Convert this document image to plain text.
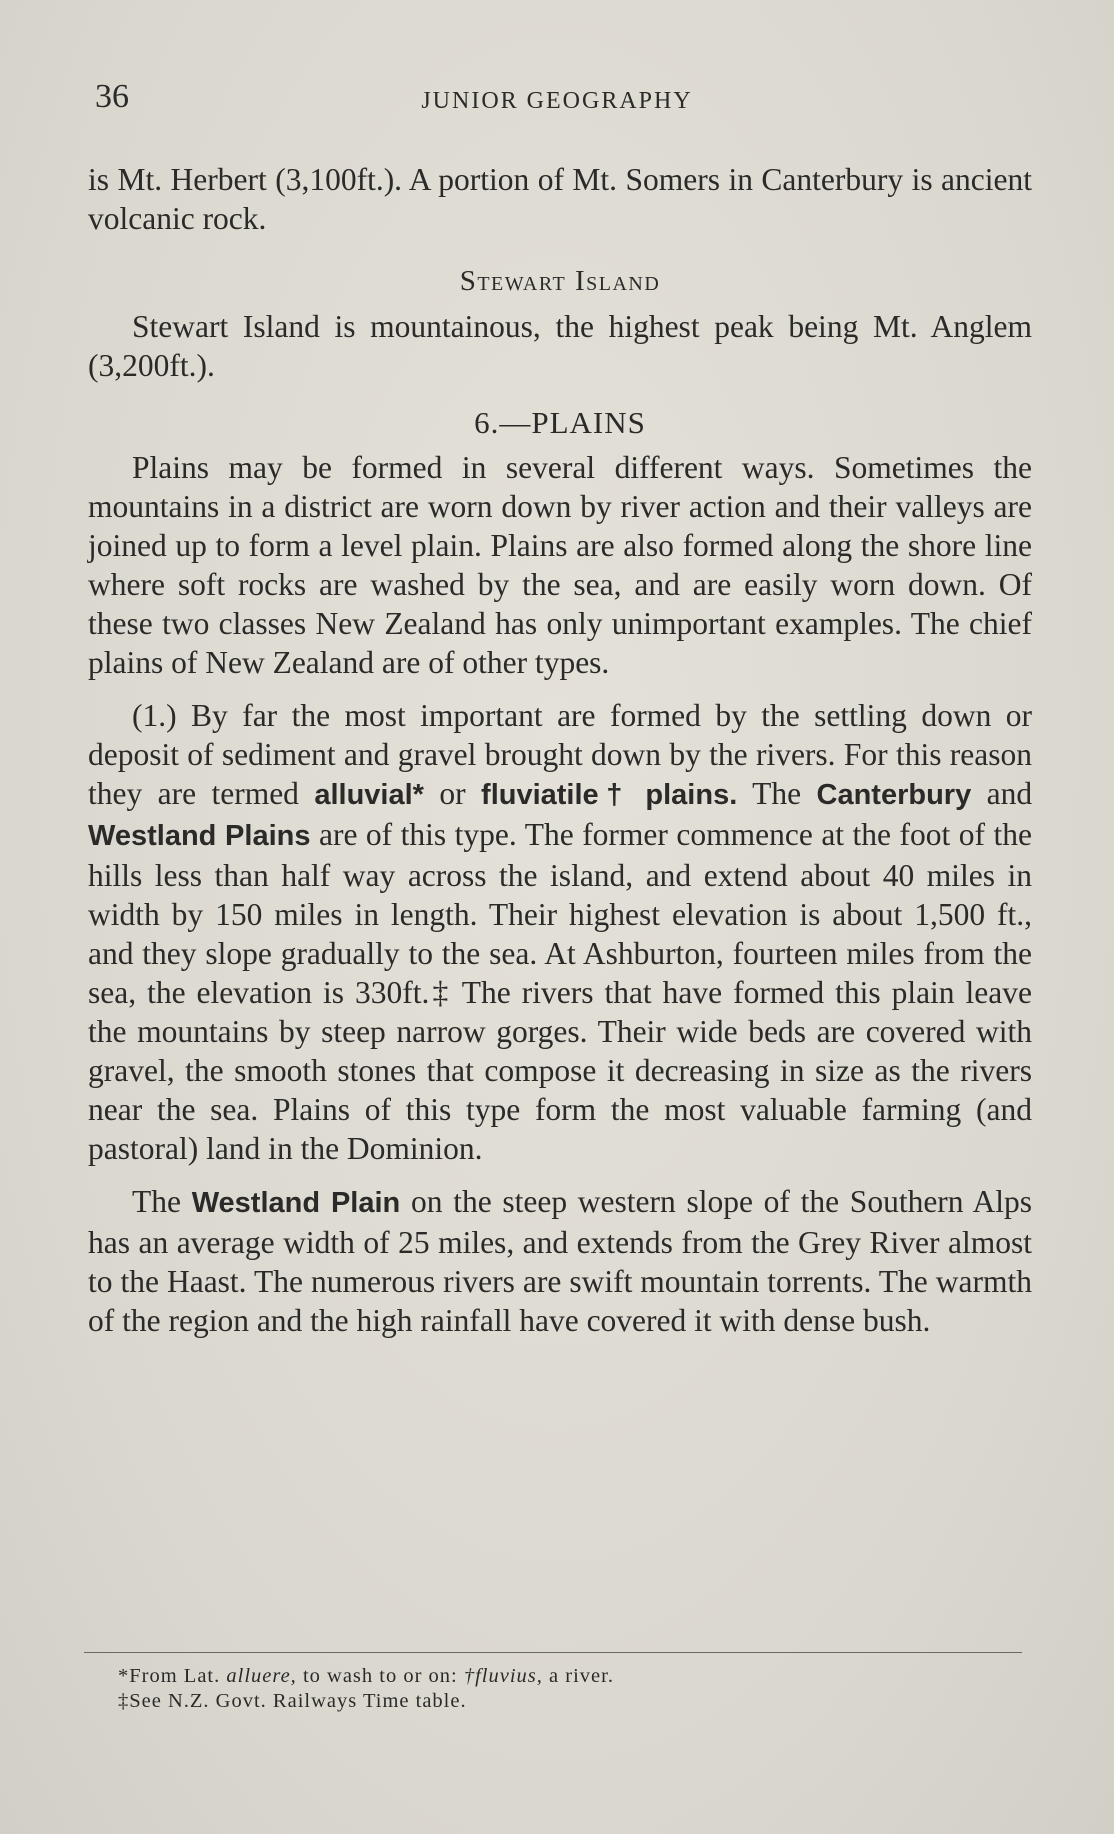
36	JUNIOR GEOGRAPHY

is Mt. Herbert (3,100ft.). A portion of Mt. Somers in Canterbury is ancient volcanic rock.

Stewart Island

Stewart Island is mountainous, the highest peak being Mt. Anglem (3,200ft.).

6.—PLAINS

Plains may be formed in several different ways. Sometimes the mountains in a district are worn down by river action and their valleys are joined up to form a level plain. Plains are also formed along the shore line where soft rocks are washed by the sea, and are easily worn down. Of these two classes New Zealand has only unimportant examples. The chief plains of New Zealand are of other types.

(1.) By far the most important are formed by the settling down or deposit of sediment and gravel brought down by the rivers. For this reason they are termed alluvial* or fluviatile† plains. The Canterbury and Westland Plains are of this type. The former commence at the foot of the hills less than half way across the island, and extend about 40 miles in width by 150 miles in length. Their highest elevation is about 1,500 ft., and they slope gradually to the sea. At Ashburton, fourteen miles from the sea, the elevation is 330ft.‡ The rivers that have formed this plain leave the mountains by steep narrow gorges. Their wide beds are covered with gravel, the smooth stones that compose it decreasing in size as the rivers near the sea. Plains of this type form the most valuable farming (and pastoral) land in the Dominion.

The Westland Plain on the steep western slope of the Southern Alps has an average width of 25 miles, and extends from the Grey River almost to the Haast. The numerous rivers are swift mountain torrents. The warmth of the region and the high rainfall have covered it with dense bush.

*From Lat. alluere, to wash to or on: †fluvius, a river.

‡See N.Z. Govt. Railways Time table.
